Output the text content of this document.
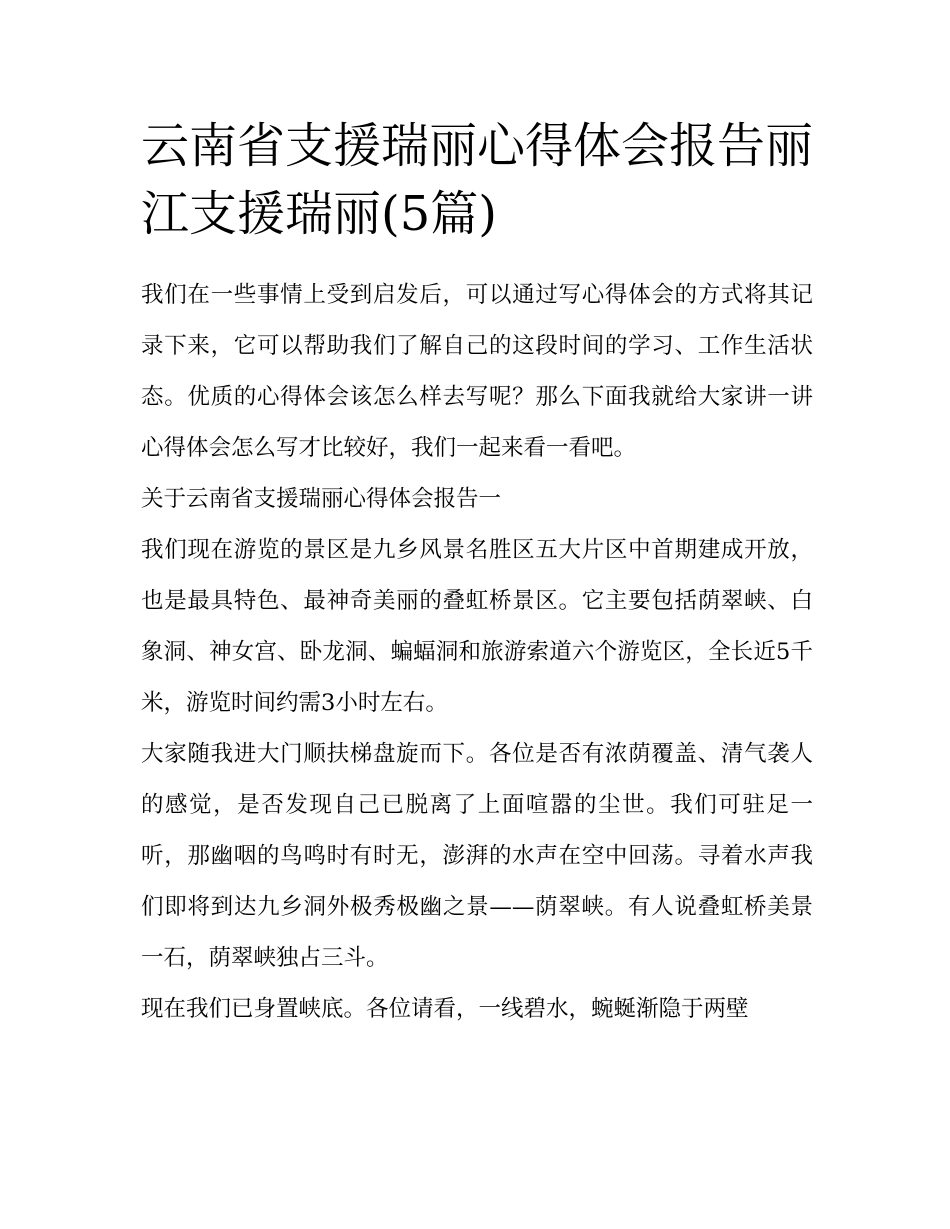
云南省支援瑞丽心得体会报告丽江支援瑞丽(5篇)

我们在一些事情上受到启发后，可以通过写心得体会的方式将其记录下来，它可以帮助我们了解自己的这段时间的学习、工作生活状态。优质的心得体会该怎么样去写呢？那么下面我就给大家讲一讲心得体会怎么写才比较好，我们一起来看一看吧。

关于云南省支援瑞丽心得体会报告一

我们现在游览的景区是九乡风景名胜区五大片区中首期建成开放，也是最具特色、最神奇美丽的叠虹桥景区。它主要包括荫翠峡、白象洞、神女宫、卧龙洞、蝙蝠洞和旅游索道六个游览区，全长近5千米，游览时间约需3小时左右。

大家随我进大门顺扶梯盘旋而下。各位是否有浓荫覆盖、清气袭人的感觉，是否发现自己已脱离了上面喧嚣的尘世。我们可驻足一听，那幽咽的鸟鸣时有时无，澎湃的水声在空中回荡。寻着水声我们即将到达九乡洞外极秀极幽之景——荫翠峡。有人说叠虹桥美景一石，荫翠峡独占三斗。

现在我们已身置峡底。各位请看，一线碧水，蜿蜒渐隐于两壁
